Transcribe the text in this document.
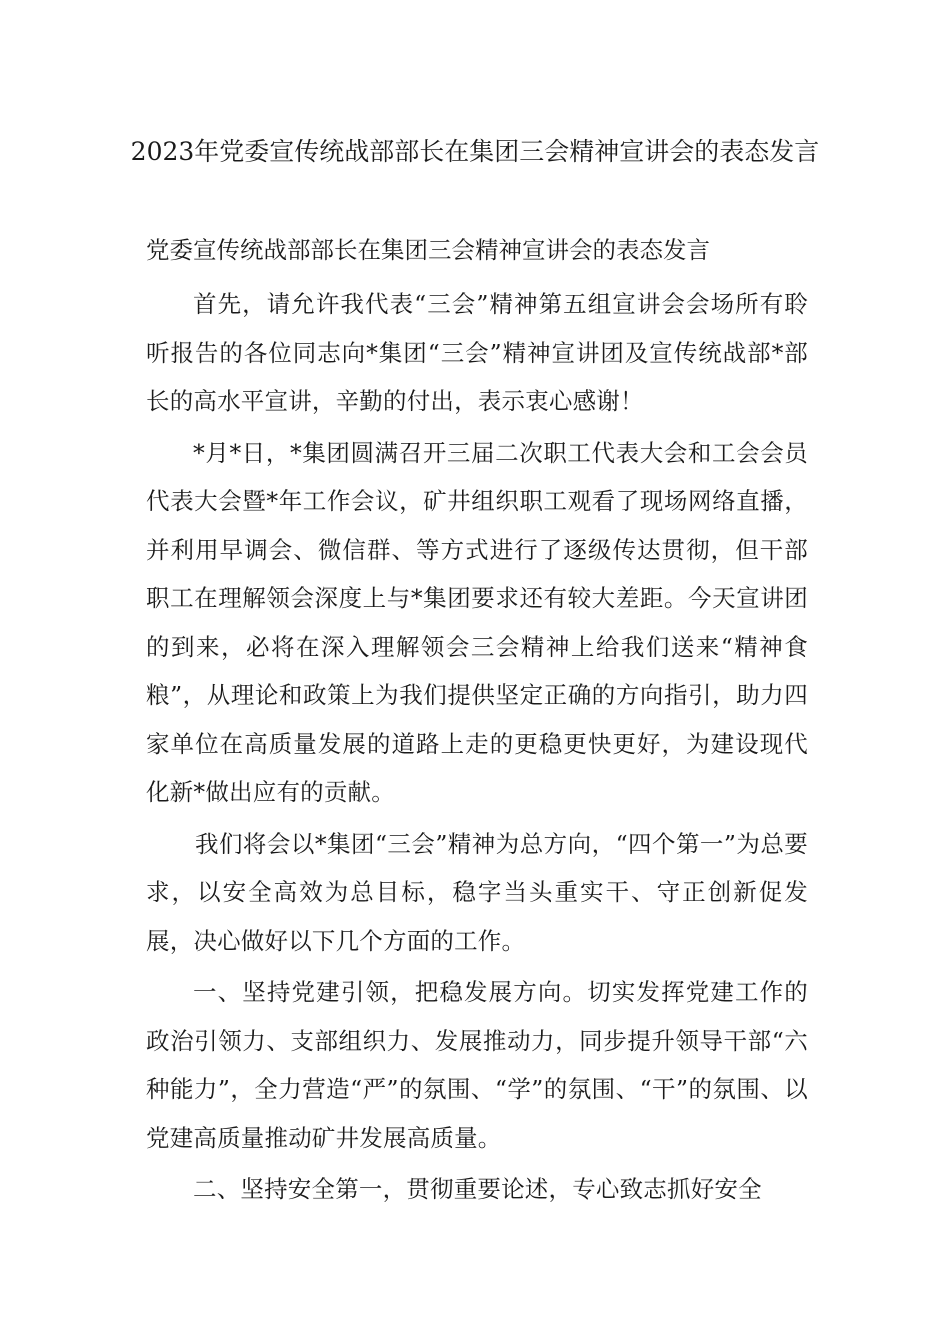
2023年党委宣传统战部部长在集团三会精神宣讲会的表态发言
党委宣传统战部部长在集团三会精神宣讲会的表态发言

首先，请允许我代表“三会”精神第五组宣讲会会场所有聆听报告的各位同志向*集团“三会”精神宣讲团及宣传统战部*部长的高水平宣讲，辛勤的付出，表示衷心感谢！

*月*日，*集团圆满召开三届二次职工代表大会和工会会员代表大会暨*年工作会议，矿井组织职工观看了现场网络直播，并利用早调会、微信群、等方式进行了逐级传达贯彻，但干部职工在理解领会深度上与*集团要求还有较大差距。今天宣讲团的到来，必将在深入理解领会三会精神上给我们送来“精神食粮”，从理论和政策上为我们提供坚定正确的方向指引，助力四家单位在高质量发展的道路上走的更稳更快更好，为建设现代化新*做出应有的贡献。

我们将会以*集团“三会”精神为总方向，“四个第一”为总要求，以安全高效为总目标，稳字当头重实干、守正创新促发展，决心做好以下几个方面的工作。

一、坚持党建引领，把稳发展方向。切实发挥党建工作的政治引领力、支部组织力、发展推动力，同步提升领导干部“六种能力”，全力营造“严”的氛围、“学”的氛围、“干”的氛围、以党建高质量推动矿井发展高质量。

二、坚持安全第一，贯彻重要论述，专心致志抓好安全
